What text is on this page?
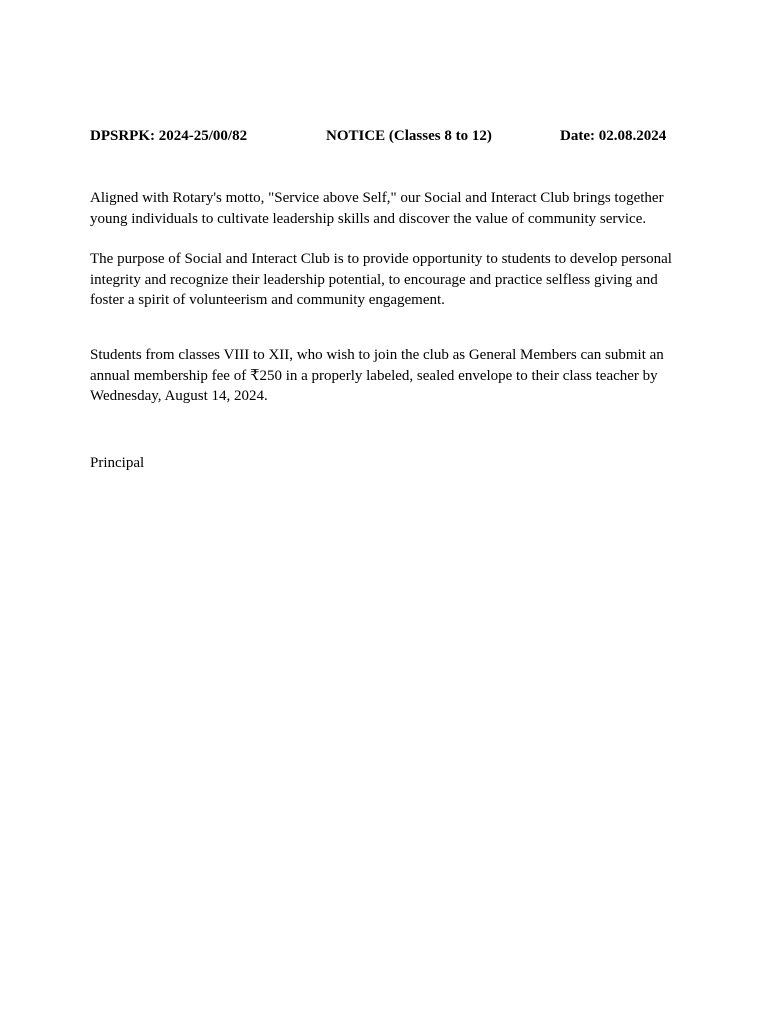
DPSRPK: 2024-25/00/82	NOTICE (Classes 8 to 12)	Date: 02.08.2024

Aligned with Rotary's motto, "Service above Self," our Social and Interact Club brings together young individuals to cultivate leadership skills and discover the value of community service.

The purpose of Social and Interact Club is to provide opportunity to students to develop personal integrity and recognize their leadership potential, to encourage and practice selfless giving and foster a spirit of volunteerism and community engagement.

Students from classes VIII to XII, who wish to join the club as General Members can submit an annual membership fee of ₹250 in a properly labeled, sealed envelope to their class teacher by Wednesday, August 14, 2024.

Principal
